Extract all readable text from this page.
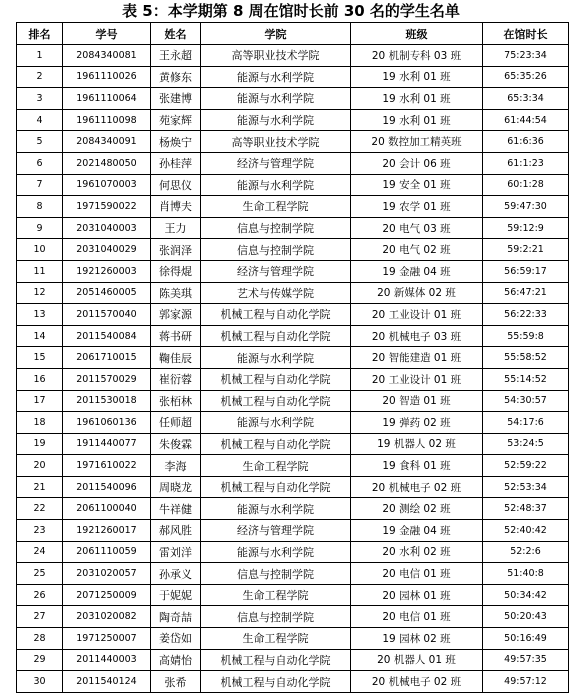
表 5：本学期第 8 周在馆时长前 30 名的学生名单
排名	学号	姓名	学院	班级	在馆时长
1	2084340081	王永超	高等职业技术学院	20 机制专科 03 班	75:23:34
2	1961110026	黄修东	能源与水利学院	19 水利 01 班	65:35:26
3	1961110064	张建博	能源与水利学院	19 水利 01 班	65:3:34
4	1961110098	苑家辉	能源与水利学院	19 水利 01 班	61:44:54
5	2084340091	杨焕宁	高等职业技术学院	20 数控加工精英班	61:6:36
6	2021480050	孙桂萍	经济与管理学院	20 会计 06 班	61:1:23
7	1961070003	何思仪	能源与水利学院	19 安全 01 班	60:1:28
8	1971590022	肖博夫	生命工程学院	19 农学 01 班	59:47:30
9	2031040003	王力	信息与控制学院	20 电气 03 班	59:12:9
10	2031040029	张润泽	信息与控制学院	20 电气 02 班	59:2:21
11	1921260003	徐得焜	经济与管理学院	19 金融 04 班	56:59:17
12	2051460005	陈美琪	艺术与传媒学院	20 新媒体 02 班	56:47:21
13	2011570040	郭家源	机械工程与自动化学院	20 工业设计 01 班	56:22:33
14	2011540084	蒋书研	机械工程与自动化学院	20 机械电子 03 班	55:59:8
15	2061710015	鞠佳辰	能源与水利学院	20 智能建造 01 班	55:58:52
16	2011570029	崔衍蓉	机械工程与自动化学院	20 工业设计 01 班	55:14:52
17	2011530018	张栢林	机械工程与自动化学院	20 智造 01 班	54:30:57
18	1961060136	任师超	能源与水利学院	19 弹药 02 班	54:17:6
19	1911440077	朱俊霖	机械工程与自动化学院	19 机器人 02 班	53:24:5
20	1971610022	李海	生命工程学院	19 食科 01 班	52:59:22
21	2011540096	周晓龙	机械工程与自动化学院	20 机械电子 02 班	52:53:34
22	2061100040	牛祥健	能源与水利学院	20 测绘 02 班	52:48:37
23	1921260017	郝风胜	经济与管理学院	19 金融 04 班	52:40:42
24	2061110059	雷刘洋	能源与水利学院	20 水利 02 班	52:2:6
25	2031020057	孙承义	信息与控制学院	20 电信 01 班	51:40:8
26	2071250009	于妮妮	生命工程学院	20 园林 01 班	50:34:42
27	2031020082	陶奇喆	信息与控制学院	20 电信 01 班	50:20:43
28	1971250007	姜岱如	生命工程学院	19 园林 02 班	50:16:49
29	2011440003	高婧怡	机械工程与自动化学院	20 机器人 01 班	49:57:35
30	2011540124	张希	机械工程与自动化学院	20 机械电子 02 班	49:57:12
